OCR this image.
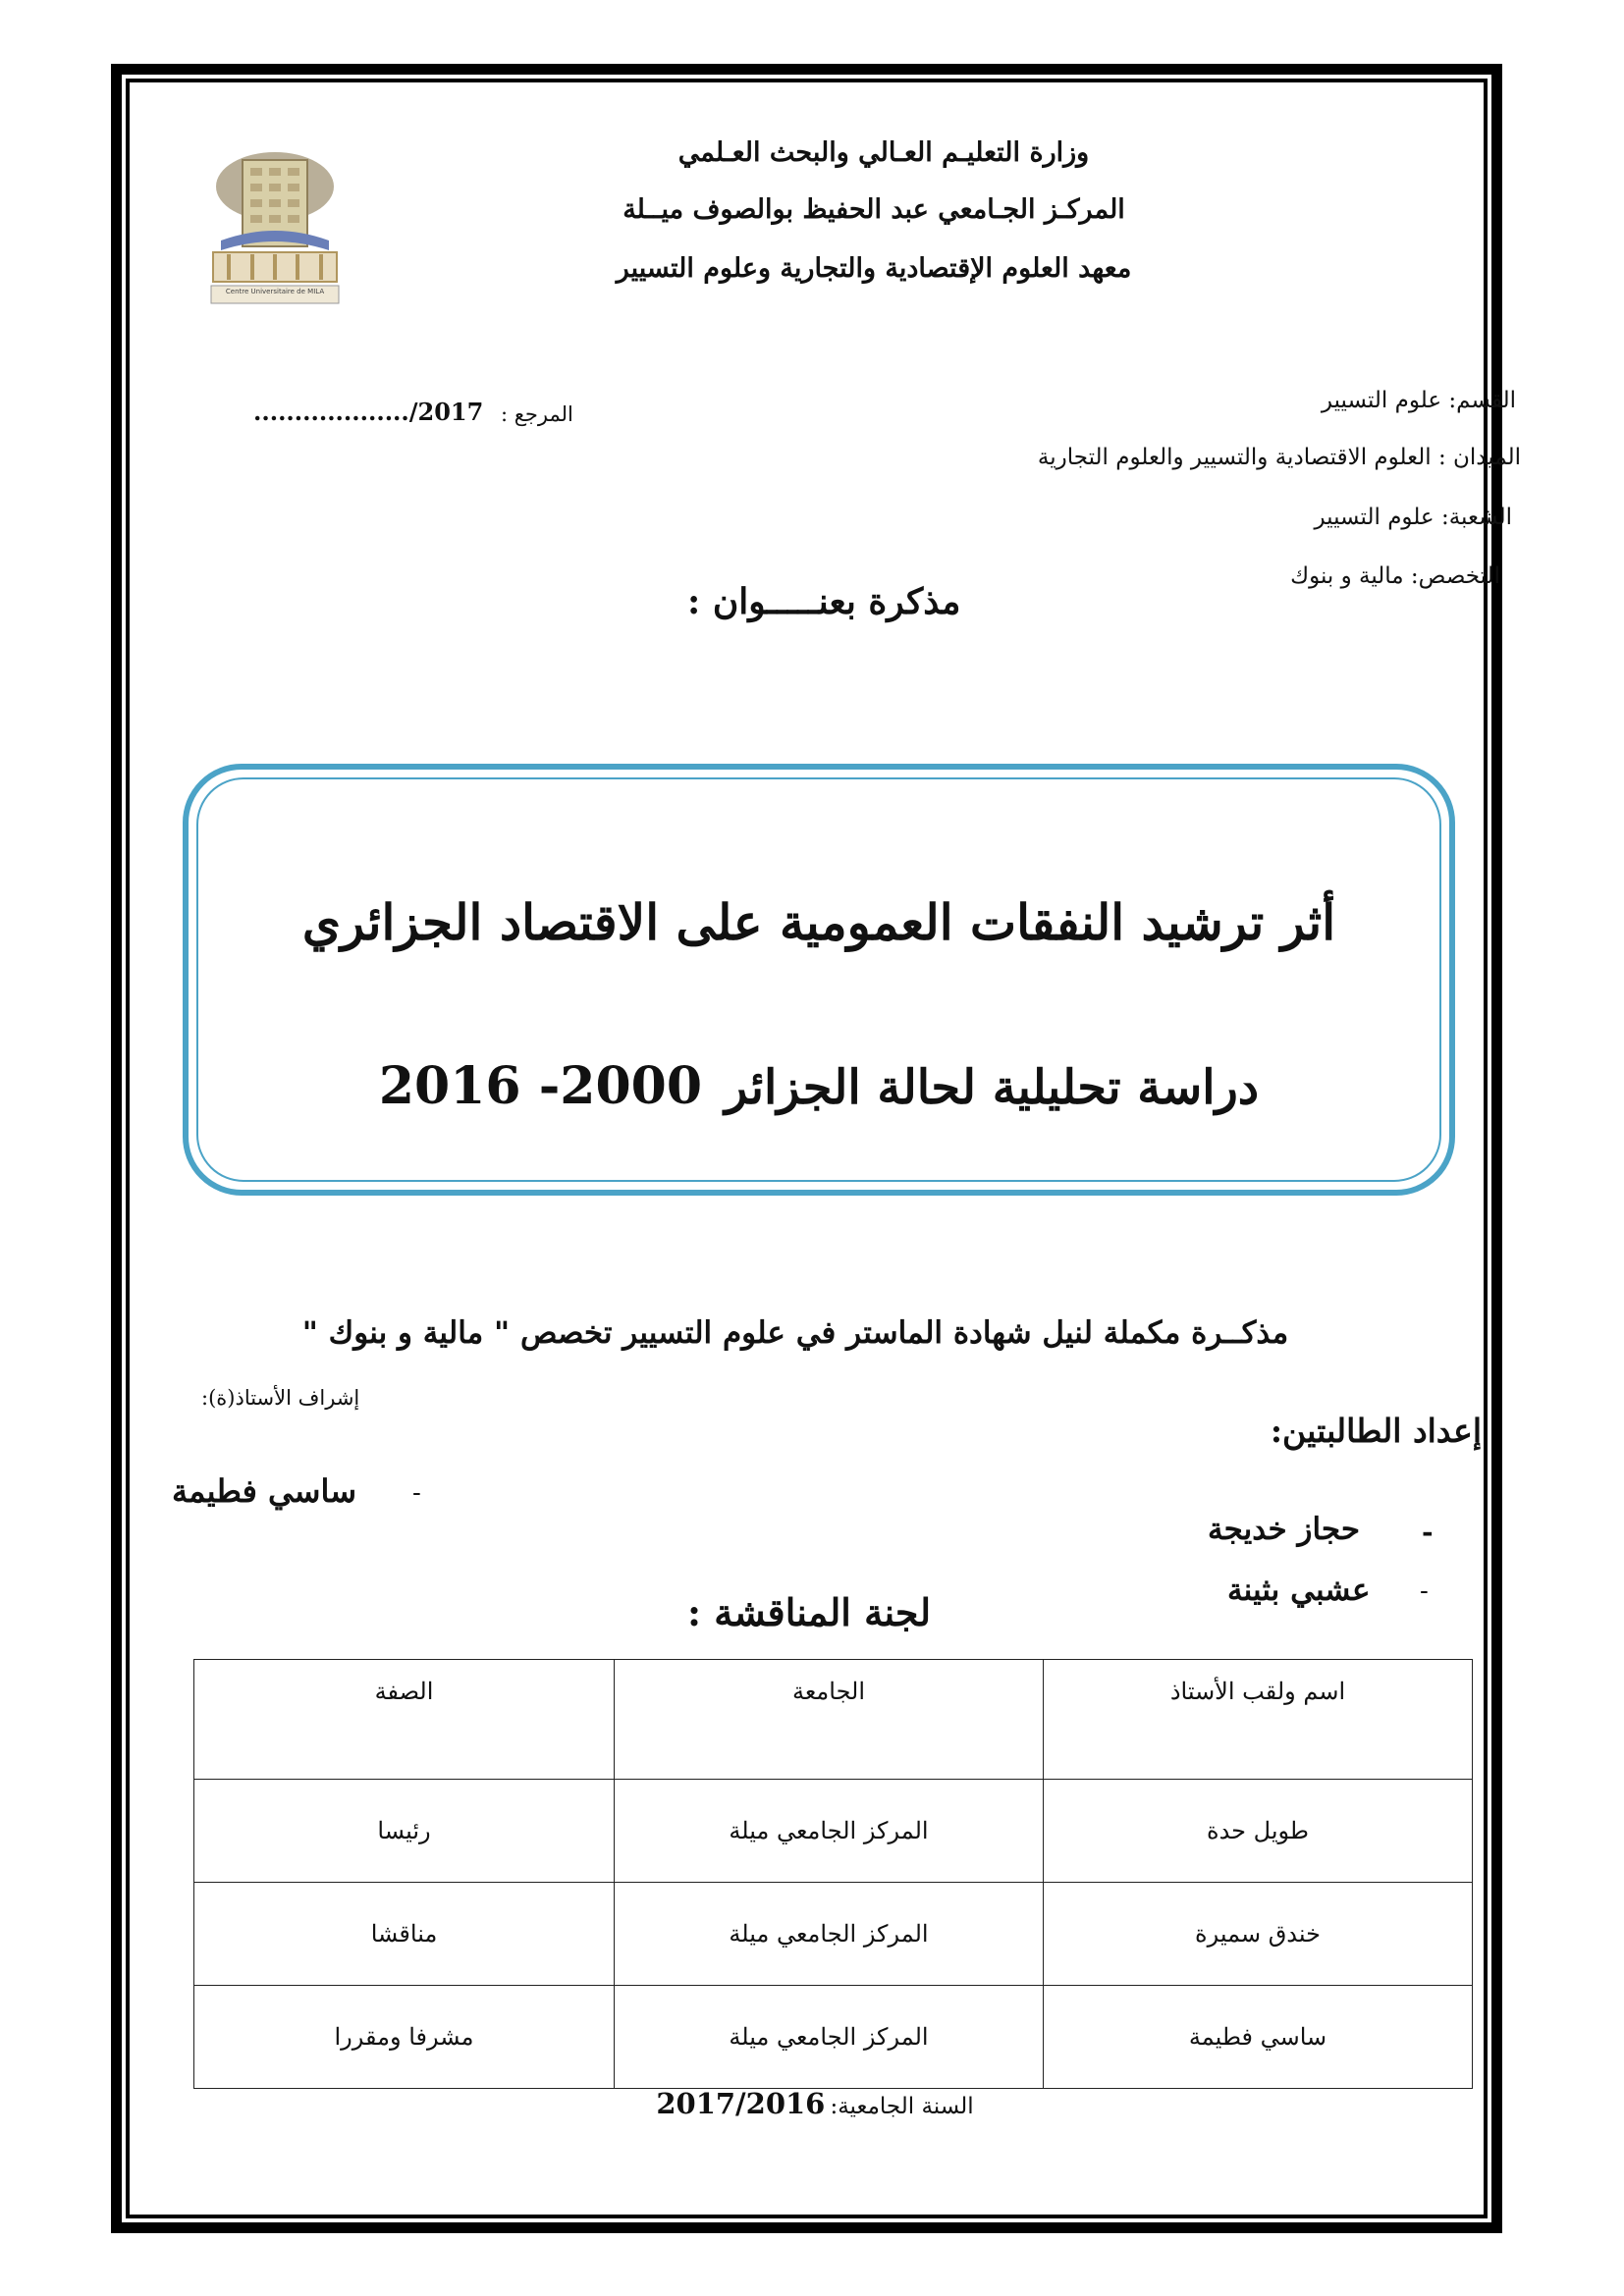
وزارة التعليـم العـالي والبحث العـلمي
المركـز الجـامعي عبد الحفيظ بوالصوف ميــلة
معهد العلوم الإقتصادية والتجارية وعلوم التسيير
Centre Universitaire de MILA
القسم: علوم التسيير
الميدان : العلوم الاقتصادية والتسيير والعلوم التجارية
الشعبة: علوم التسيير
التخصص: مالية و بنوك
المرجع :
.................../2017
مذكرة بعنـــــوان :
أثر ترشيد النفقات العمومية على الاقتصاد الجزائري
دراسة تحليلية لحالة الجزائر 2016 -2000
مذكــرة مكملة لنيل شهادة الماستر في علوم التسيير تخصص " مالية و بنوك "
إشراف الأستاذ(ة):
-
ساسي فطيمة
إعداد الطالبتين:
-
حجاز خديجة
-
عشبي بثينة
لجنة المناقشة :
اسم ولقب الأستاذ	الجامعة	الصفة
طويل حدة	المركز الجامعي ميلة	رئيسا
خندق سميرة	المركز الجامعي ميلة	مناقشا
ساسي فطيمة	المركز الجامعي ميلة	مشرفا ومقررا
السنة الجامعية: 2017/2016
